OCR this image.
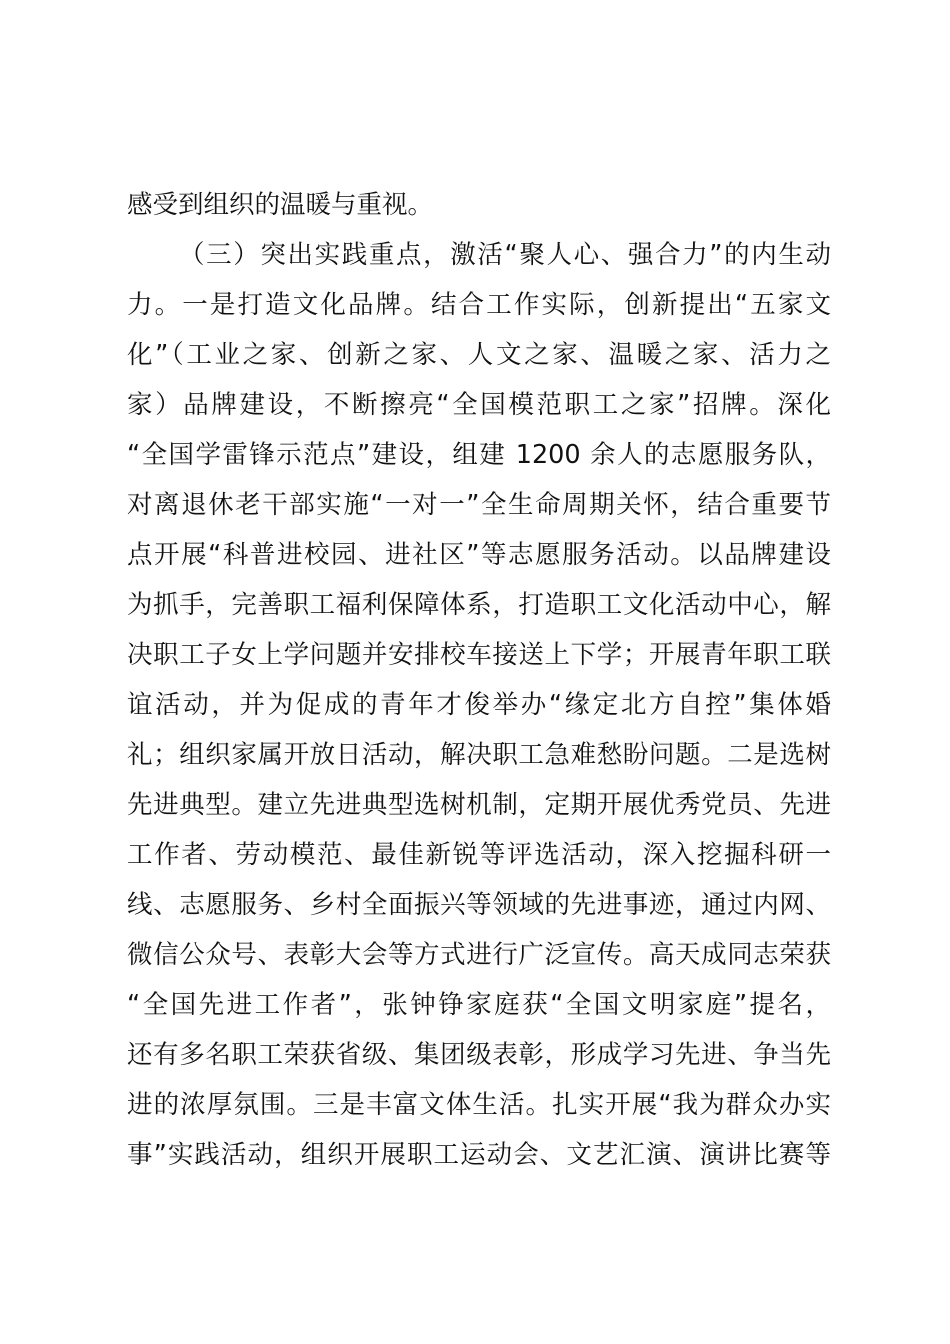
感受到组织的温暖与重视。
（三）突出实践重点，激活“聚人心、强合力”的内生动
力。一是打造文化品牌。结合工作实际，创新提出“五家文
化”（工业之家、创新之家、人文之家、温暖之家、活力之
家）品牌建设，不断擦亮“全国模范职工之家”招牌。深化
“全国学雷锋示范点”建设，组建 1200 余人的志愿服务队，
对离退休老干部实施“一对一”全生命周期关怀，结合重要节
点开展“科普进校园、进社区”等志愿服务活动。以品牌建设
为抓手，完善职工福利保障体系，打造职工文化活动中心，解
决职工子女上学问题并安排校车接送上下学；开展青年职工联
谊活动，并为促成的青年才俊举办“缘定北方自控”集体婚
礼；组织家属开放日活动，解决职工急难愁盼问题。二是选树
先进典型。建立先进典型选树机制，定期开展优秀党员、先进
工作者、劳动模范、最佳新锐等评选活动，深入挖掘科研一
线、志愿服务、乡村全面振兴等领域的先进事迹，通过内网、
微信公众号、表彰大会等方式进行广泛宣传。高天成同志荣获
“全国先进工作者”，张钟铮家庭获“全国文明家庭”提名，
还有多名职工荣获省级、集团级表彰，形成学习先进、争当先
进的浓厚氛围。三是丰富文体生活。扎实开展“我为群众办实
事”实践活动，组织开展职工运动会、文艺汇演、演讲比赛等
